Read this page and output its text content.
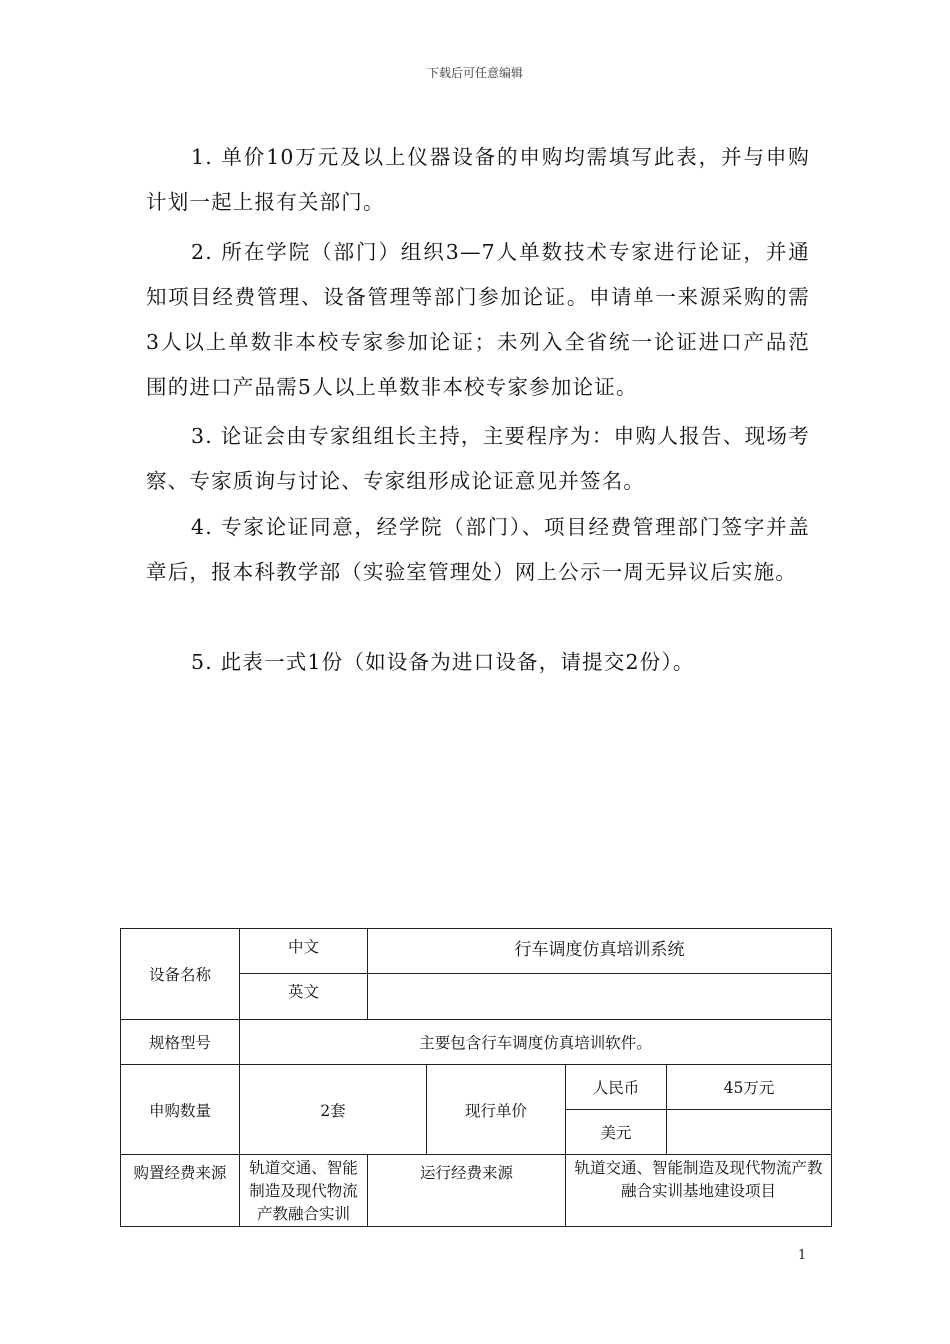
下载后可任意编辑

1. 单价10万元及以上仪器设备的申购均需填写此表，并与申购计划一起上报有关部门。

2. 所在学院（部门）组织3—7人单数技术专家进行论证，并通知项目经费管理、设备管理等部门参加论证。申请单一来源采购的需3人以上单数非本校专家参加论证；未列入全省统一论证进口产品范围的进口产品需5人以上单数非本校专家参加论证。

3. 论证会由专家组组长主持，主要程序为：申购人报告、现场考察、专家质询与讨论、专家组形成论证意见并签名。

4. 专家论证同意，经学院（部门）、项目经费管理部门签字并盖章后，报本科教学部（实验室管理处）网上公示一周无异议后实施。

5. 此表一式1份（如设备为进口设备，请提交2份）。

设备名称	中文	行车调度仿真培训系统			
	英文				
规格型号	主要包含行车调度仿真培训软件。				
申购数量	2套		现行单价	人民币	45万元
				美元	
购置经费来源	轨道交通、智能制造及现代物流产教融合实训	运行经费来源		轨道交通、智能制造及现代物流产教融合实训基地建设项目	
1
